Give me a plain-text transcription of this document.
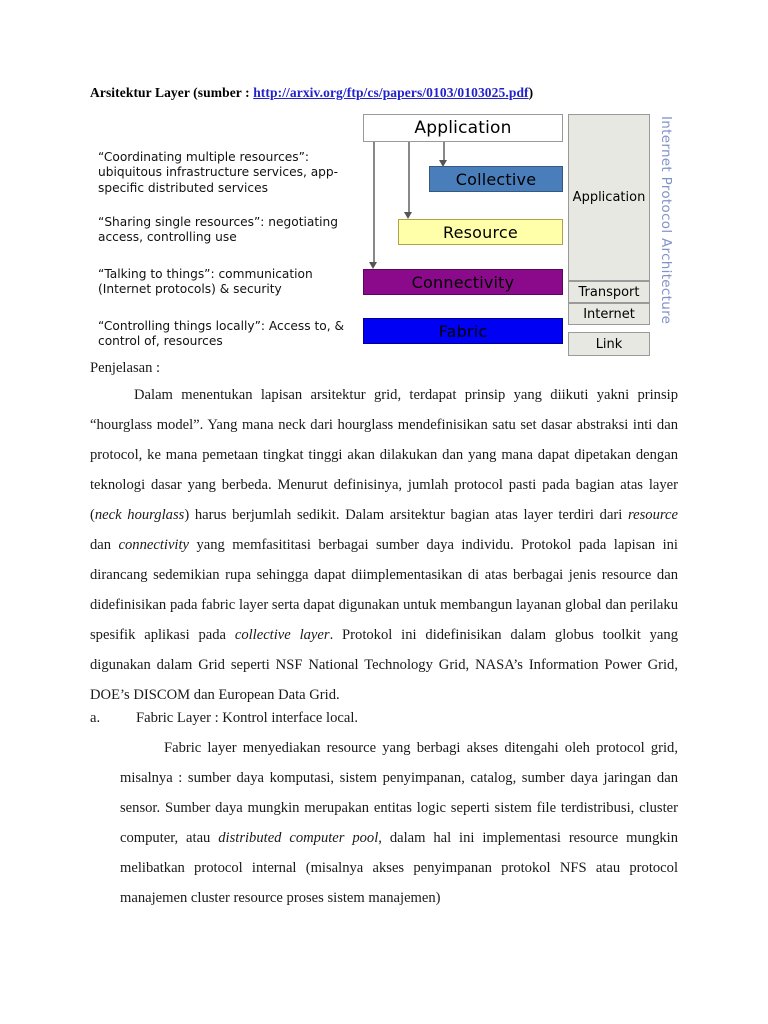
Arsitektur Layer (sumber : http://arxiv.org/ftp/cs/papers/0103/0103025.pdf)
“Coordinating multiple resources”: ubiquitous infrastructure services, app-specific distributed services
“Sharing single resources”: negotiating access, controlling use
“Talking to things”: communication (Internet protocols) & security
“Controlling things locally”: Access to, & control of, resources
Application
Collective
Resource
Connectivity
Fabric
Application
Transport
Internet
Link
Internet Protocol Architecture
Penjelasan :
Dalam menentukan lapisan arsitektur grid, terdapat prinsip yang diikuti yakni prinsip “hourglass model”. Yang mana neck dari hourglass mendefinisikan satu set dasar abstraksi inti dan protocol, ke mana pemetaan tingkat tinggi akan dilakukan dan yang mana dapat dipetakan dengan teknologi dasar yang berbeda. Menurut definisinya, jumlah protocol pasti pada bagian atas layer (neck hourglass) harus berjumlah sedikit. Dalam arsitektur bagian atas layer terdiri dari resource dan connectivity yang memfasititasi berbagai sumber daya individu. Protokol pada lapisan ini dirancang sedemikian rupa sehingga dapat diimplementasikan di atas berbagai jenis resource dan didefinisikan pada fabric layer serta dapat digunakan untuk membangun layanan global dan perilaku spesifik aplikasi pada collective layer. Protokol ini didefinisikan dalam globus toolkit yang digunakan dalam Grid seperti NSF National Technology Grid, NASA’s Information Power Grid, DOE’s DISCOM dan European Data Grid.
a. Fabric Layer : Kontrol interface local.
Fabric layer menyediakan resource yang berbagi akses ditengahi oleh protocol grid, misalnya : sumber daya komputasi, sistem penyimpanan, catalog, sumber daya jaringan dan sensor. Sumber daya mungkin merupakan entitas logic seperti sistem file terdistribusi, cluster computer, atau distributed computer pool, dalam hal ini implementasi resource mungkin melibatkan protocol internal (misalnya akses penyimpanan protokol NFS atau protocol manajemen cluster resource proses sistem manajemen)
